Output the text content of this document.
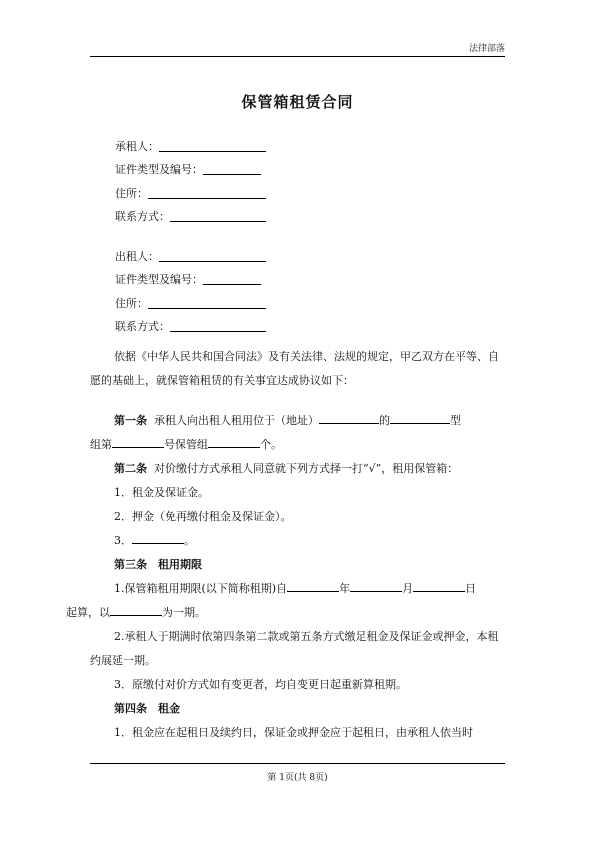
法律部落
保管箱租赁合同
承租人：
证件类型及编号：
住所：
联系方式：
出租人：
证件类型及编号：
住所：
联系方式：

依据《中华人民共和国合同法》及有关法律、法规的规定，甲乙双方在平等、自愿的基础上，就保管箱租赁的有关事宜达成协议如下：

第一条 承租人向出租人租用位于（地址）	的	型
组第	号保管组	个。

第二条 对价缴付方式承租人同意就下列方式择一打“√”，租用保管箱：

1．租金及保证金。

2．押金（免再缴付租金及保证金）。

3．	。

第三条　租用期限

1.保管箱租用期限(以下简称租期)自	年	月	日
起算，以	为一期。

2.承租人于期满时依第四条第二款或第五条方式缴足租金及保证金或押金，本租约展延一期。

3．原缴付对价方式如有变更者，均自变更日起重新算租期。

第四条　租金

1．租金应在起租日及续约日，保证金或押金应于起租日，由承租人依当时

第 1页(共 8页)
